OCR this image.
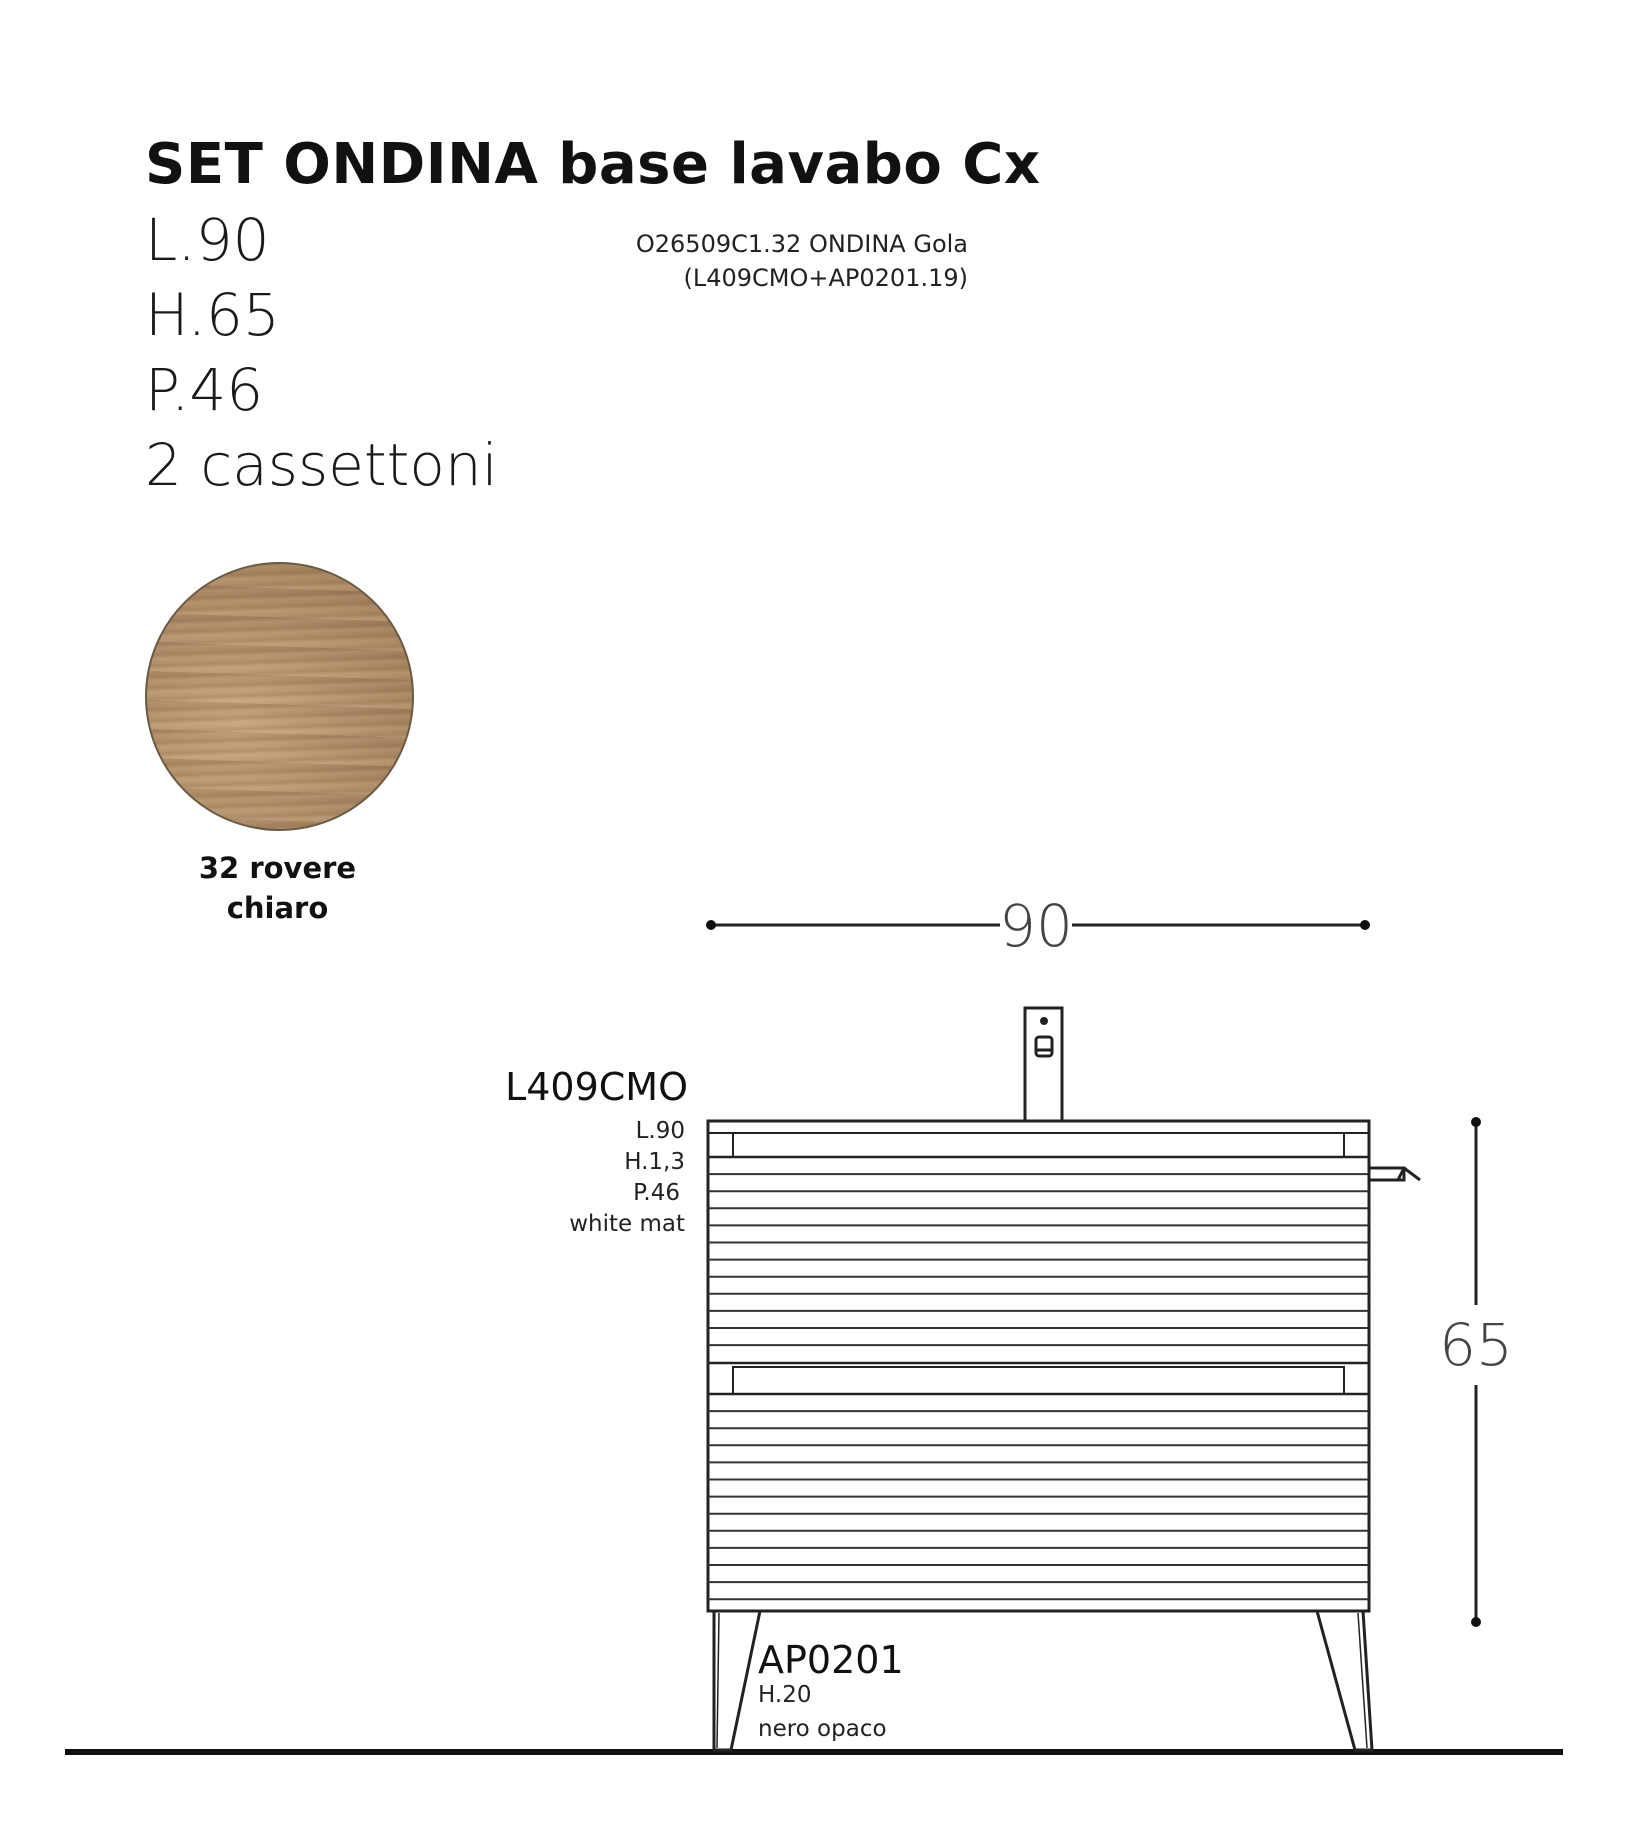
SET ONDINA base lavabo Cx
L.90
H.65
P.46
2 cassettoni
O26509C1.32 ONDINA Gola
(L409CMO+AP0201.19)
32 rovere chiaro	90
65
L409CMO
L.90
H.1,3
P.46
white mat
AP0201
H.20
nero opaco
